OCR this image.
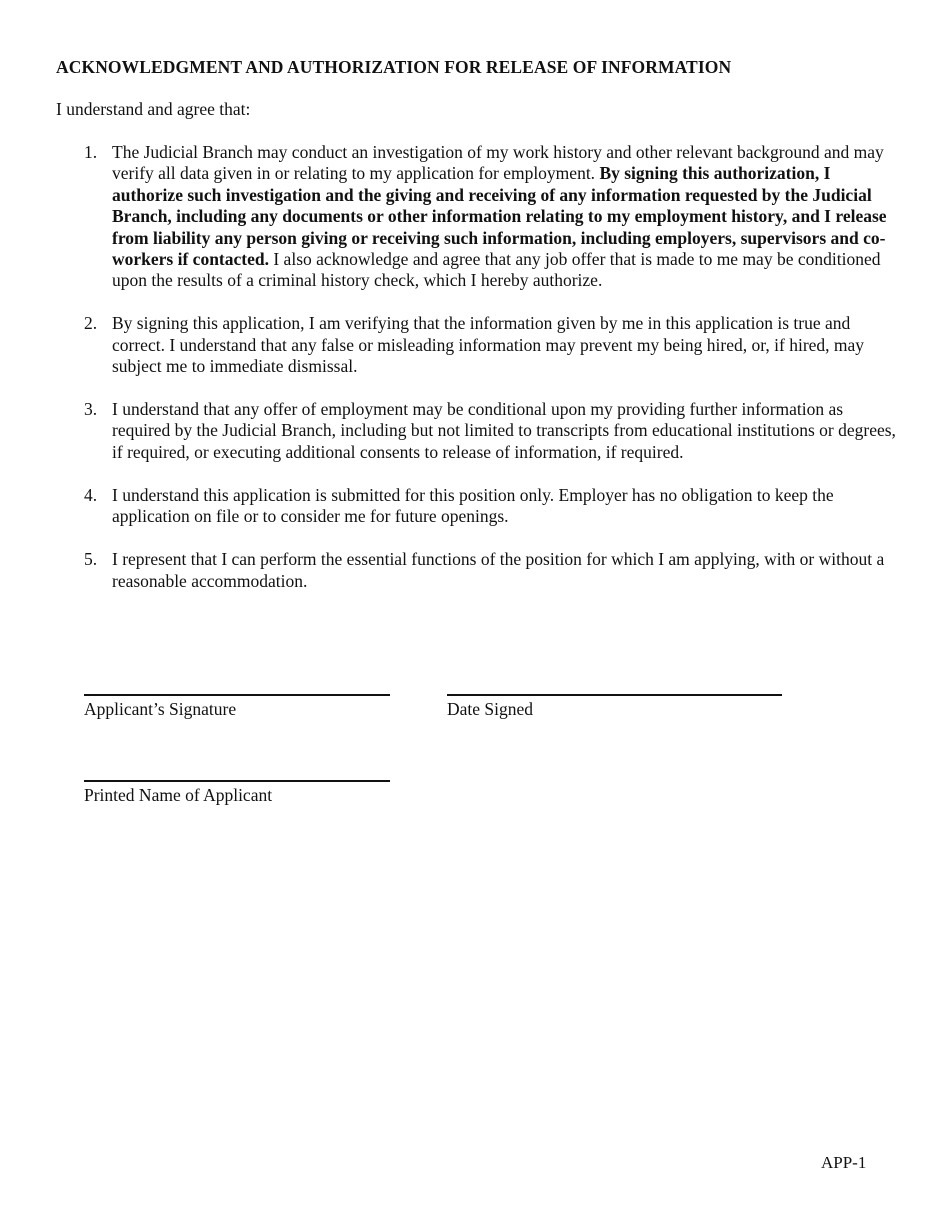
ACKNOWLEDGMENT AND AUTHORIZATION FOR RELEASE OF INFORMATION
I understand and agree that:
1. The Judicial Branch may conduct an investigation of my work history and other relevant background and may verify all data given in or relating to my application for employment. By signing this authorization, I authorize such investigation and the giving and receiving of any information requested by the Judicial Branch, including any documents or other information relating to my employment history, and I release from liability any person giving or receiving such information, including employers, supervisors and co-workers if contacted. I also acknowledge and agree that any job offer that is made to me may be conditioned upon the results of a criminal history check, which I hereby authorize.
2. By signing this application, I am verifying that the information given by me in this application is true and correct. I understand that any false or misleading information may prevent my being hired, or, if hired, may subject me to immediate dismissal.
3. I understand that any offer of employment may be conditional upon my providing further information as required by the Judicial Branch, including but not limited to transcripts from educational institutions or degrees, if required, or executing additional consents to release of information, if required.
4. I understand this application is submitted for this position only. Employer has no obligation to keep the application on file or to consider me for future openings.
5. I represent that I can perform the essential functions of the position for which I am applying, with or without a reasonable accommodation.
Applicant’s Signature	Date Signed
Printed Name of Applicant
APP-1
